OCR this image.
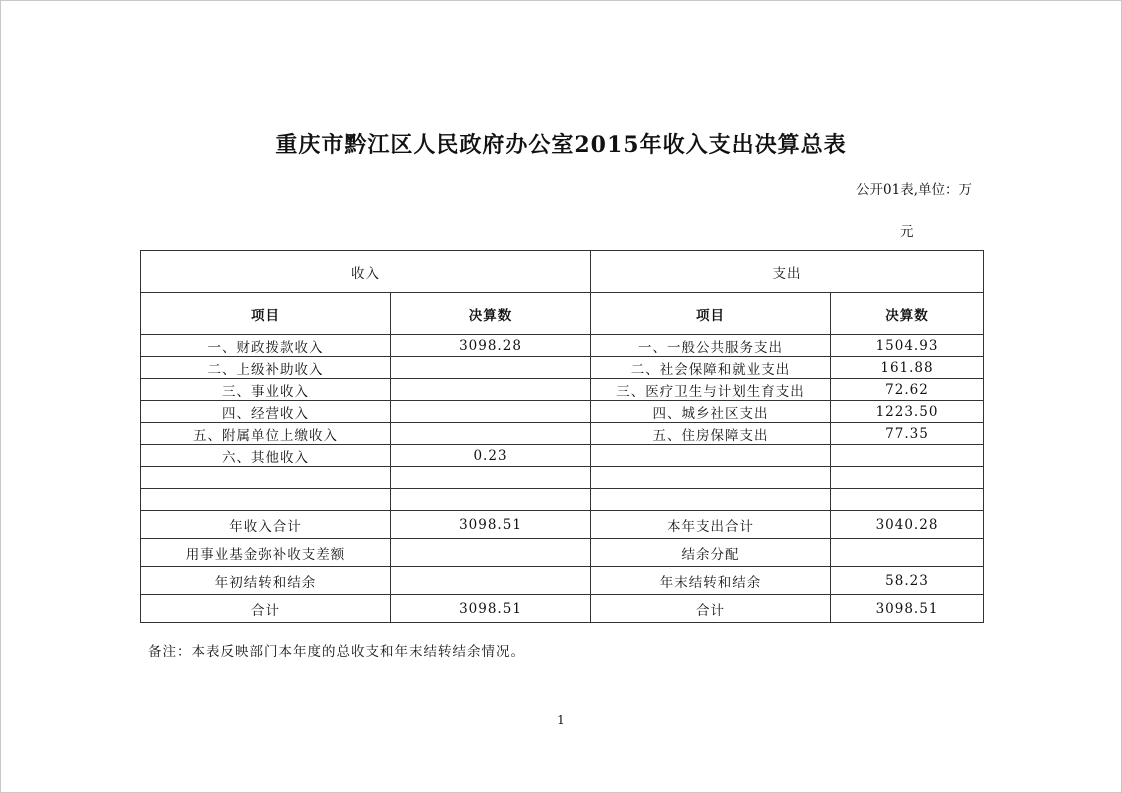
重庆市黔江区人民政府办公室2015年收入支出决算总表
公开01表,单位：万
元
收入		支出	
项目	决算数	项目	决算数
一、财政拨款收入	3098.28	一、一般公共服务支出	1504.93
二、上级补助收入		二、社会保障和就业支出	161.88
三、事业收入		三、医疗卫生与计划生育支出	72.62
四、经营收入		四、城乡社区支出	1223.50
五、附属单位上缴收入		五、住房保障支出	77.35
六、其他收入	0.23		

年收入合计	3098.51	本年支出合计	3040.28
用事业基金弥补收支差额		结余分配	
年初结转和结余		年末结转和结余	58.23
合计	3098.51	合计	3098.51
备注：本表反映部门本年度的总收支和年末结转结余情况。
1
